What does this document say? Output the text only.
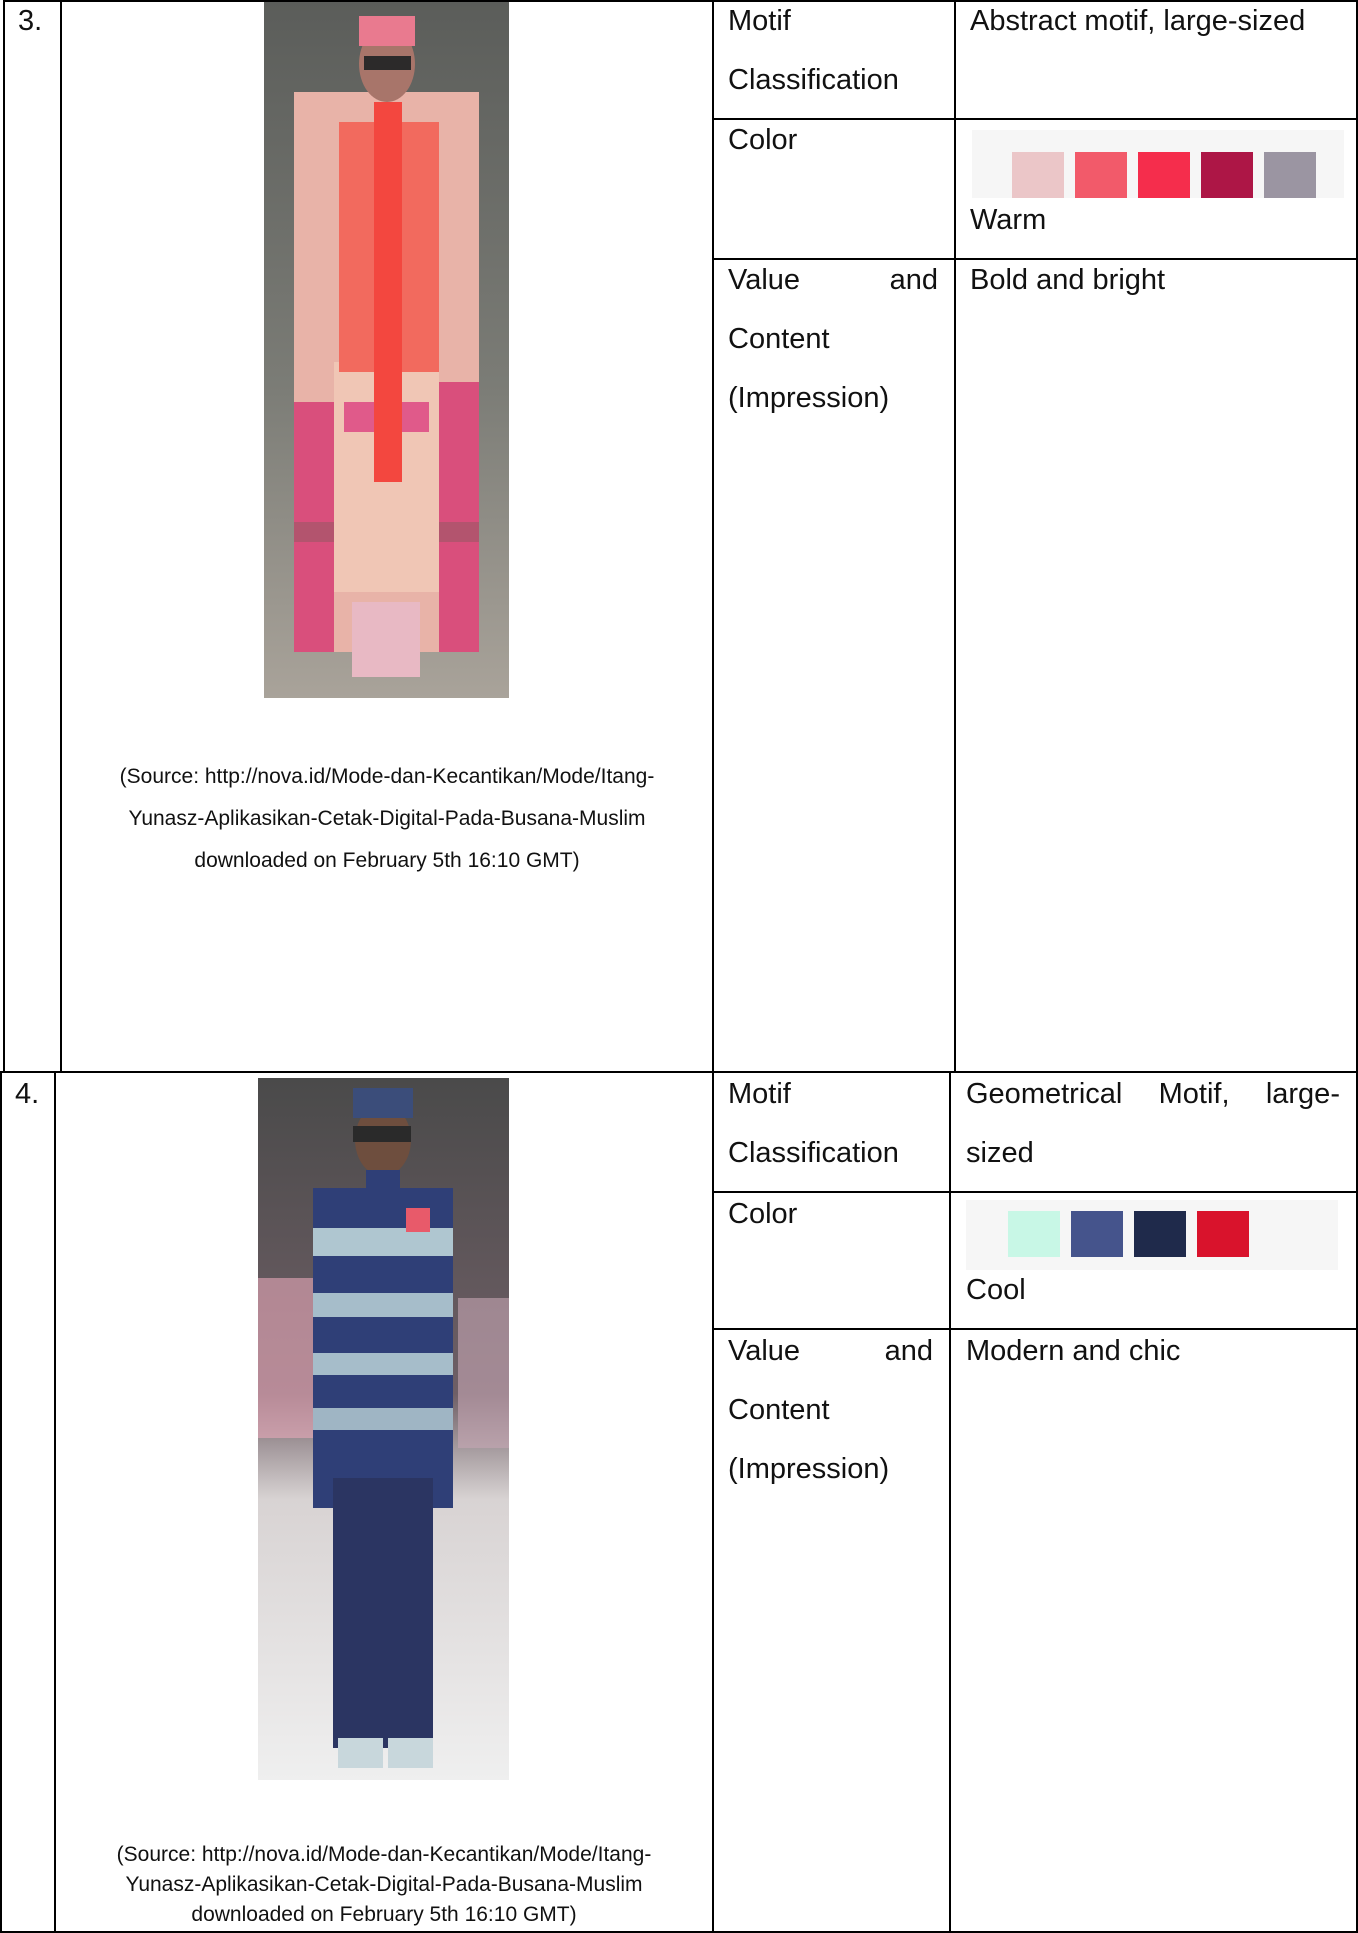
3.
(Source: http://nova.id/Mode-dan-Kecantikan/Mode/Itang-
Yunasz-Aplikasikan-Cetak-Digital-Pada-Busana-Muslim
downloaded on February 5th 16:10 GMT)
Motif
Classification
Abstract motif, large-sized
Color
Warm
Value	and
Content
(Impression)
Bold and bright
4.
(Source: http://nova.id/Mode-dan-Kecantikan/Mode/Itang-
Yunasz-Aplikasikan-Cetak-Digital-Pada-Busana-Muslim
downloaded on February 5th 16:10 GMT)
Motif
Classification
Geometrical Motif, large-
sized
Color
Cool
Value	and
Content
(Impression)
Modern and chic
